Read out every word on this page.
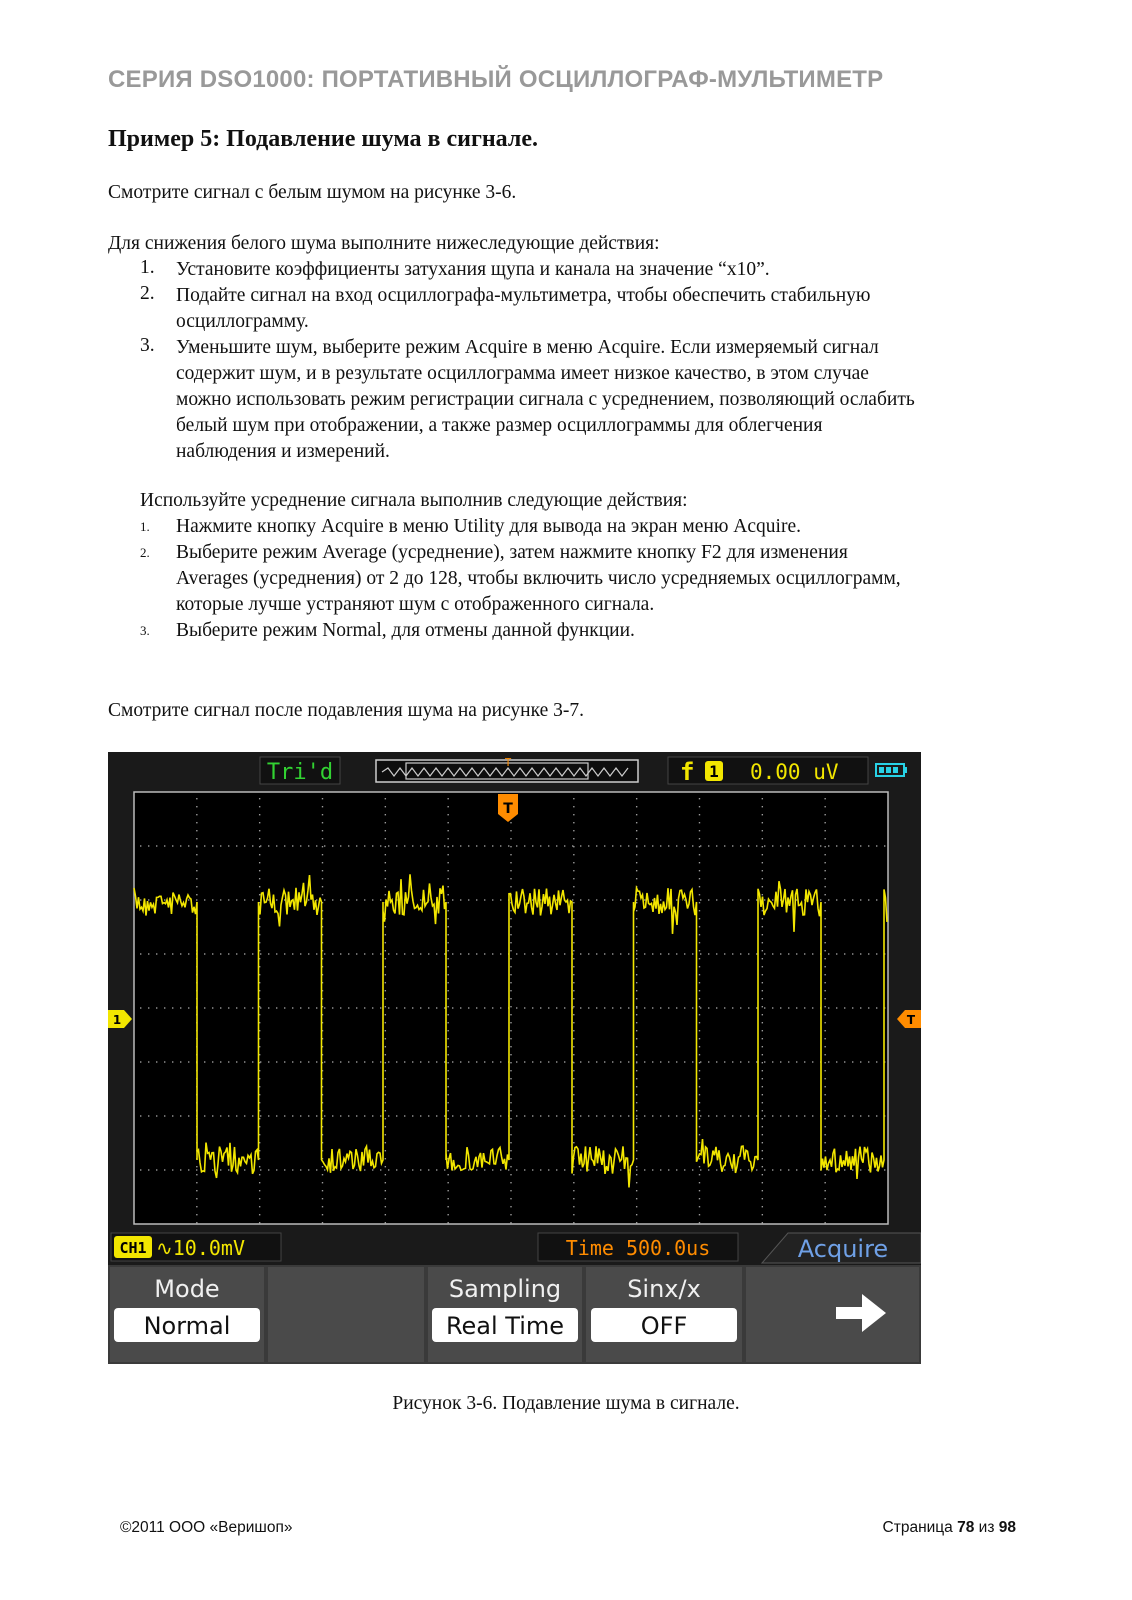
СЕРИЯ DSO1000: ПОРТАТИВНЫЙ ОСЦИЛЛОГРАФ-МУЛЬТИМЕТР
Пример 5: Подавление шума в сигнале.
Смотрите сигнал с белым шумом на рисунке 3-6.
Для снижения белого шума выполните нижеследующие действия:
1. Установите коэффициенты затухания щупа и канала на значение “x10”.
2. Подайте сигнал на вход осциллографа-мультиметра, чтобы обеспечить стабильную
осциллограмму.
3. Уменьшите шум, выберите режим Acquire в меню Acquire. Если измеряемый сигнал
содержит шум, и в результате осциллограмма имеет низкое качество, в этом случае
можно использовать режим регистрации сигнала с усреднением, позволяющий ослабить
белый шум при отображении, а также размер осциллограммы для облегчения
наблюдения и измерений.
Используйте усреднение сигнала выполнив следующие действия:
1. Нажмите кнопку Acquire в меню Utility для вывода на экран меню Acquire.
2. Выберите режим Average (усреднение), затем нажмите кнопку F2 для изменения
Averages (усреднения) от 2 до 128, чтобы включить число усредняемых осциллограмм,
которые лучше устраняют шум с отображенного сигнала.
3. Выберите режим Normal, для отмены данной функции.
Смотрите сигнал после подавления шума на рисунке 3-7.
Tri'd	T	f 1 0.00 uV
T
1	T
CH1 ∿10.0mV	Time 500.0us	Acquire
Mode
Normal
Sampling
Real Time
Sinx/x
OFF
Рисунок 3-6. Подавление шума в сигнале.
©2011 ООО «Веришоп»	Страница 78 из 98
